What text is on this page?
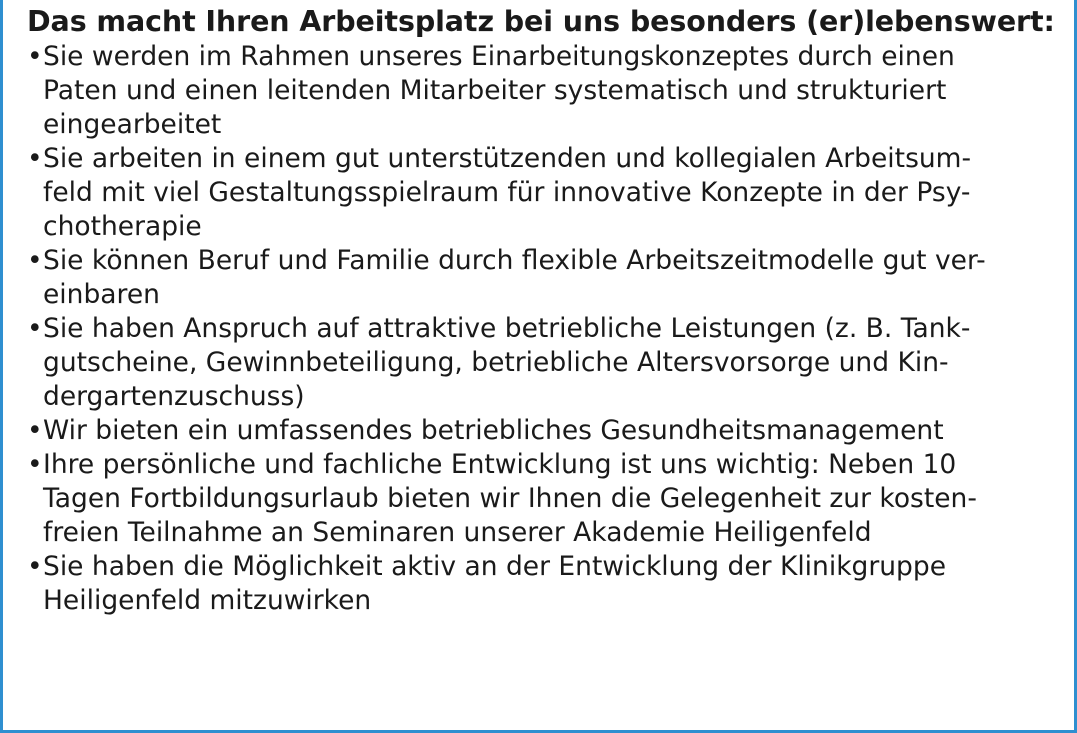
Das macht Ihren Arbeitsplatz bei uns besonders (er)lebenswert:
• Sie werden im Rahmen unseres Einarbeitungskonzeptes durch einen
Paten und einen leitenden Mitarbeiter systematisch und strukturiert
eingearbeitet
• Sie arbeiten in einem gut unterstützenden und kollegialen Arbeitsum-
feld mit viel Gestaltungsspielraum für innovative Konzepte in der Psy-
chotherapie
• Sie können Beruf und Familie durch flexible Arbeitszeitmodelle gut ver-
einbaren
• Sie haben Anspruch auf attraktive betriebliche Leistungen (z. B. Tank-
gutscheine, Gewinnbeteiligung, betriebliche Altersvorsorge und Kin-
dergartenzuschuss)
• Wir bieten ein umfassendes betriebliches Gesundheitsmanagement
• Ihre persönliche und fachliche Entwicklung ist uns wichtig: Neben 10
Tagen Fortbildungsurlaub bieten wir Ihnen die Gelegenheit zur kosten-
freien Teilnahme an Seminaren unserer Akademie Heiligenfeld
• Sie haben die Möglichkeit aktiv an der Entwicklung der Klinikgruppe
Heiligenfeld mitzuwirken
